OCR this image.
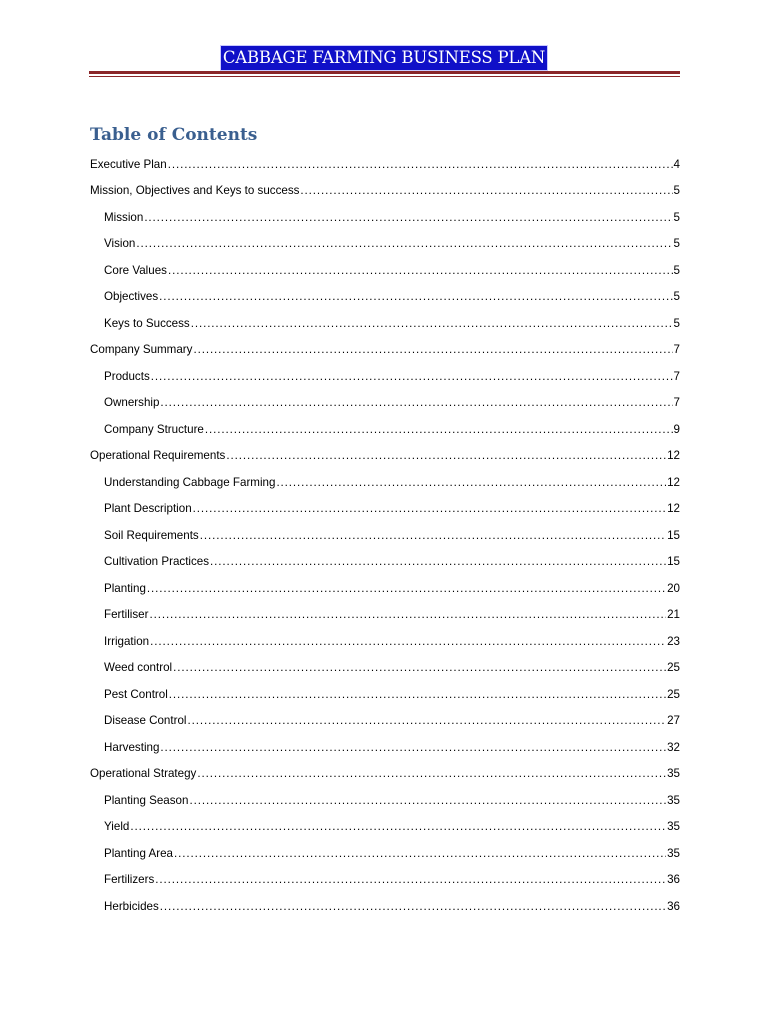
CABBAGE FARMING BUSINESS PLAN
Table of Contents
Executive Plan .....	4
Mission, Objectives and Keys to success .....	5
Mission .....	5
Vision .....	5
Core Values .....	5
Objectives .....	5
Keys to Success .....	5
Company Summary .....	7
Products .....	7
Ownership .....	7
Company Structure .....	9
Operational Requirements .....	12
Understanding Cabbage Farming .....	12
Plant Description .....	12
Soil Requirements .....	15
Cultivation Practices .....	15
Planting .....	20
Fertiliser .....	21
Irrigation .....	23
Weed control .....	25
Pest Control .....	25
Disease Control .....	27
Harvesting .....	32
Operational Strategy .....	35
Planting Season .....	35
Yield .....	35
Planting Area .....	35
Fertilizers .....	36
Herbicides .....	36
